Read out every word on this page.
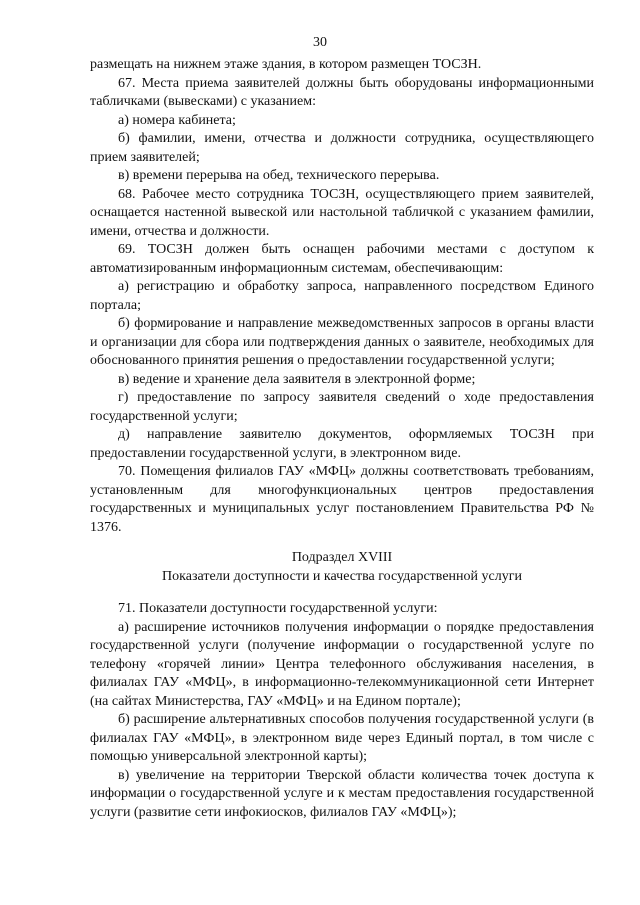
30

размещать на нижнем этаже здания, в котором размещен ТОСЗН.

67. Места приема заявителей должны быть оборудованы информационными табличками (вывесками) с указанием:

а) номера кабинета;

б) фамилии, имени, отчества и должности сотрудника, осуществляющего прием заявителей;

в) времени перерыва на обед, технического перерыва.

68. Рабочее место сотрудника ТОСЗН, осуществляющего прием заявителей, оснащается настенной вывеской или настольной табличкой с указанием фамилии, имени, отчества и должности.

69. ТОСЗН должен быть оснащен рабочими местами с доступом к автоматизированным информационным системам, обеспечивающим:

а) регистрацию и обработку запроса, направленного посредством Единого портала;

б) формирование и направление межведомственных запросов в органы власти и организации для сбора или подтверждения данных о заявителе, необходимых для обоснованного принятия решения о предоставлении государственной услуги;

в) ведение и хранение дела заявителя в электронной форме;

г) предоставление по запросу заявителя сведений о ходе предоставления государственной услуги;

д) направление заявителю документов, оформляемых ТОСЗН при предоставлении государственной услуги, в электронном виде.

70. Помещения филиалов ГАУ «МФЦ» должны соответствовать требованиям, установленным для многофункциональных центров предоставления государственных и муниципальных услуг постановлением Правительства РФ № 1376.

Подраздел XVIII

Показатели доступности и качества государственной услуги

71. Показатели доступности государственной услуги:

а) расширение источников получения информации о порядке предоставления государственной услуги (получение информации о государственной услуге по телефону «горячей линии» Центра телефонного обслуживания населения, в филиалах ГАУ «МФЦ», в информационно-телекоммуникационной сети Интернет (на сайтах Министерства, ГАУ «МФЦ» и на Едином портале);

б) расширение альтернативных способов получения государственной услуги (в филиалах ГАУ «МФЦ», в электронном виде через Единый портал, в том числе с помощью универсальной электронной карты);

в) увеличение на территории Тверской области количества точек доступа к информации о государственной услуге и к местам предоставления государственной услуги (развитие сети инфокиосков, филиалов ГАУ «МФЦ»);
